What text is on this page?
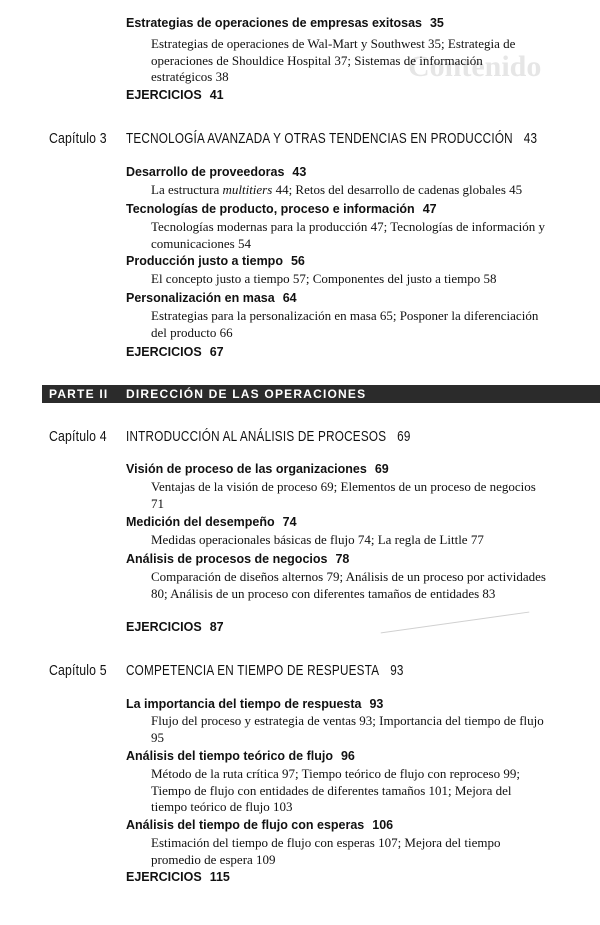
Contenido
Estrategias de operaciones de empresas exitosas 35
Estrategias de operaciones de Wal-Mart y Southwest 35; Estrategia de operaciones de Shouldice Hospital 37; Sistemas de información estratégicos 38
EJERCICIOS 41
Capítulo 3 TECNOLOGÍA AVANZADA Y OTRAS TENDENCIAS EN PRODUCCIÓN 43
Desarrollo de proveedoras 43
La estructura multitiers 44; Retos del desarrollo de cadenas globales 45
Tecnologías de producto, proceso e información 47
Tecnologías modernas para la producción 47; Tecnologías de información y comunicaciones 54
Producción justo a tiempo 56
El concepto justo a tiempo 57; Componentes del justo a tiempo 58
Personalización en masa 64
Estrategias para la personalización en masa 65; Posponer la diferenciación del producto 66
EJERCICIOS 67
PARTE II DIRECCIÓN DE LAS OPERACIONES
Capítulo 4 INTRODUCCIÓN AL ANÁLISIS DE PROCESOS 69
Visión de proceso de las organizaciones 69
Ventajas de la visión de proceso 69; Elementos de un proceso de negocios 71
Medición del desempeño 74
Medidas operacionales básicas de flujo 74; La regla de Little 77
Análisis de procesos de negocios 78
Comparación de diseños alternos 79; Análisis de un proceso por actividades 80; Análisis de un proceso con diferentes tamaños de entidades 83
EJERCICIOS 87
Capítulo 5 COMPETENCIA EN TIEMPO DE RESPUESTA 93
La importancia del tiempo de respuesta 93
Flujo del proceso y estrategia de ventas 93; Importancia del tiempo de flujo 95
Análisis del tiempo teórico de flujo 96
Método de la ruta crítica 97; Tiempo teórico de flujo con reproceso 99; Tiempo de flujo con entidades de diferentes tamaños 101; Mejora del tiempo teórico de flujo 103
Análisis del tiempo de flujo con esperas 106
Estimación del tiempo de flujo con esperas 107; Mejora del tiempo promedio de espera 109
EJERCICIOS 115
